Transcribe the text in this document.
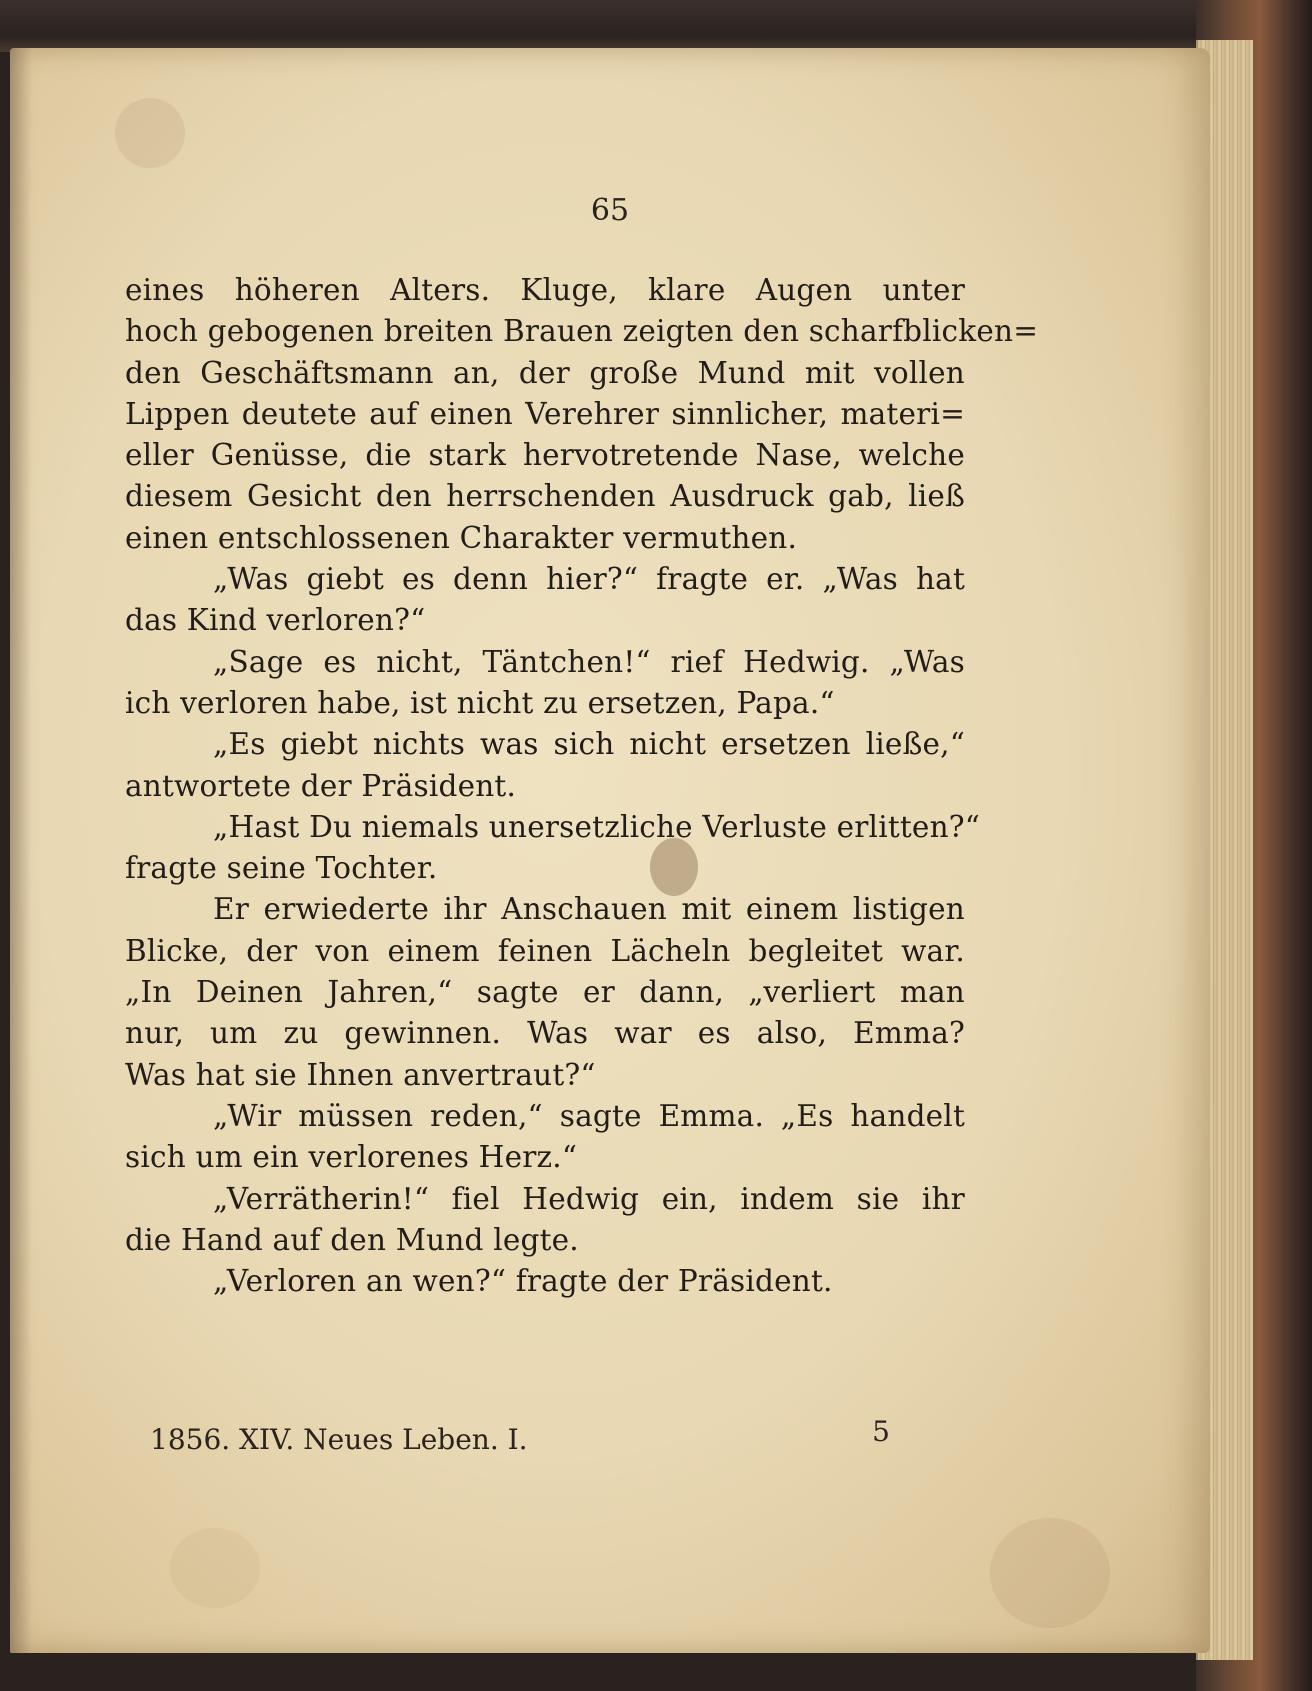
65
eines höheren Alters. Kluge, klare Augen unter
hoch gebogenen breiten Brauen zeigten den scharfblicken=
den Geschäftsmann an, der große Mund mit vollen
Lippen deutete auf einen Verehrer sinnlicher, materi=
eller Genüsse, die stark hervotretende Nase, welche
diesem Gesicht den herrschenden Ausdruck gab, ließ
einen entschlossenen Charakter vermuthen.
„Was giebt es denn hier?“ fragte er. „Was hat
das Kind verloren?“
„Sage es nicht, Täntchen!“ rief Hedwig. „Was
ich verloren habe, ist nicht zu ersetzen, Papa.“
„Es giebt nichts was sich nicht ersetzen ließe,“
antwortete der Präsident.
„Hast Du niemals unersetzliche Verluste erlitten?“
fragte seine Tochter.
Er erwiederte ihr Anschauen mit einem listigen
Blicke, der von einem feinen Lächeln begleitet war.
„In Deinen Jahren,“ sagte er dann, „verliert man
nur, um zu gewinnen. Was war es also, Emma?
Was hat sie Ihnen anvertraut?“
„Wir müssen reden,“ sagte Emma. „Es handelt
sich um ein verlorenes Herz.“
„Verrätherin!“ fiel Hedwig ein, indem sie ihr
die Hand auf den Mund legte.
„Verloren an wen?“ fragte der Präsident.
1856. XIV. Neues Leben. I.	5
